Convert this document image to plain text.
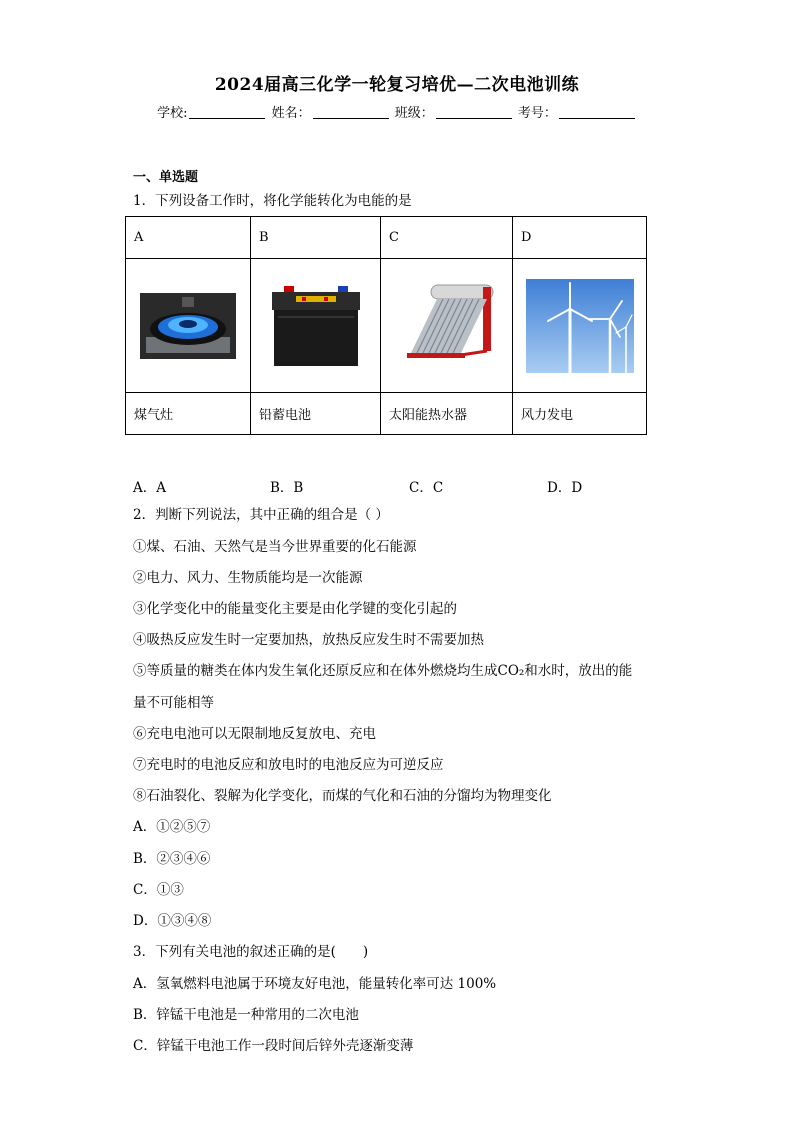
2024届高三化学一轮复习培优—二次电池训练
学校:	姓名：	班级：	考号：
一、单选题
1．下列设备工作时，将化学能转化为电能的是
A	B	C	D

煤气灶	铅蓄电池	太阳能热水器	风力发电
A．A	B．B	C．C	D．D
2．判断下列说法，其中正确的组合是（ ）
①煤、石油、天然气是当今世界重要的化石能源
②电力、风力、生物质能均是一次能源
③化学变化中的能量变化主要是由化学键的变化引起的
④吸热反应发生时一定要加热，放热反应发生时不需要加热
⑤等质量的糖类在体内发生氧化还原反应和在体外燃烧均生成CO₂和水时，放出的能
量不可能相等
⑥充电电池可以无限制地反复放电、充电
⑦充电时的电池反应和放电时的电池反应为可逆反应
⑧石油裂化、裂解为化学变化，而煤的气化和石油的分馏均为物理变化
A．①②⑤⑦
B．②③④⑥
C．①③
D．①③④⑧
3．下列有关电池的叙述正确的是(　　)
A．氢氧燃料电池属于环境友好电池，能量转化率可达 100%
B．锌锰干电池是一种常用的二次电池
C．锌锰干电池工作一段时间后锌外壳逐渐变薄
